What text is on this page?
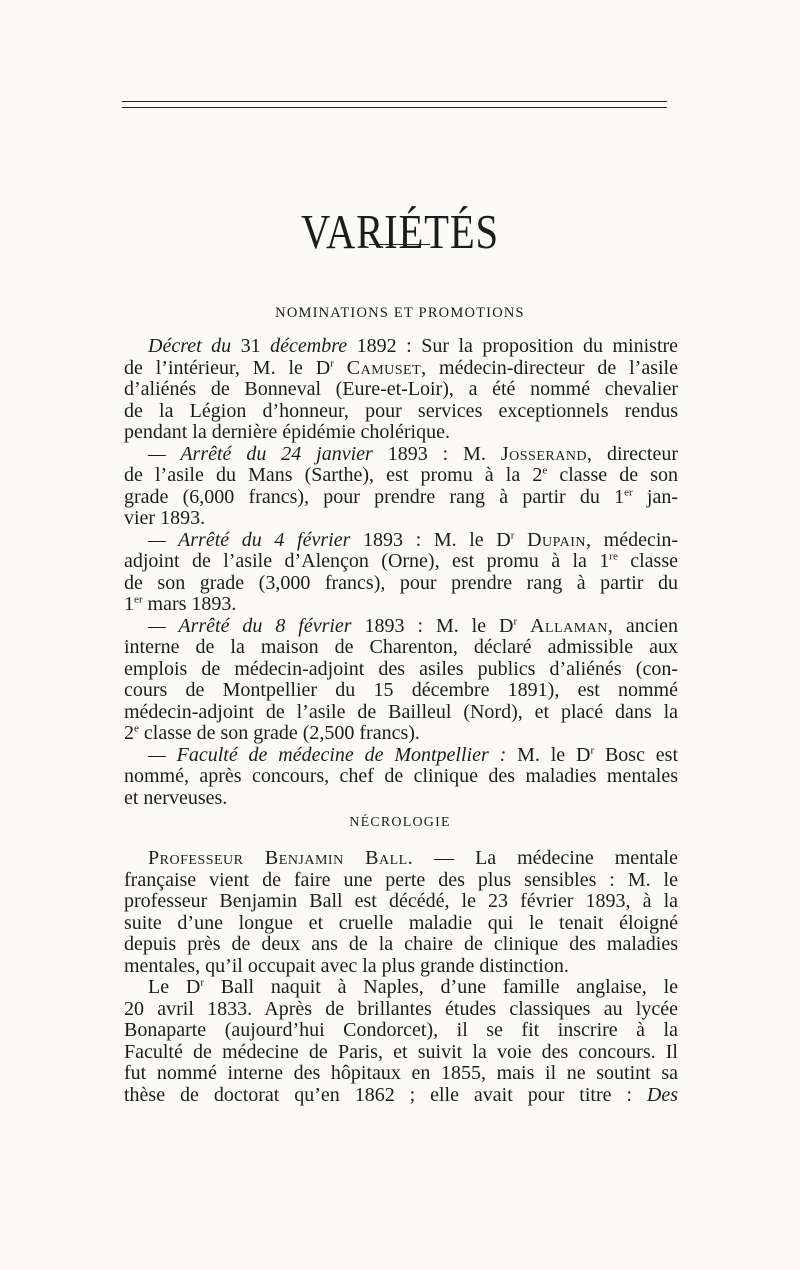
VARIÉTÉS
NOMINATIONS ET PROMOTIONS

Décret du 31 décembre 1892 : Sur la proposition du ministre
de l’intérieur, M. le $D^r$ Camuset, médecin-directeur de l’asile
d’aliénés de Bonneval (Eure-et-Loir), a été nommé chevalier
de la Légion d’honneur, pour services exceptionnels rendus

pendant la dernière épidémie cholérique.

— Arrêté du 24 janvier 1893 : M. Josserand, directeur
de l’asile du Mans (Sarthe), est promu à la 2e classe de son
grade (6,000 francs), pour prendre rang à partir du 1er jan-

vier 1893.

— Arrêté du 4 février 1893 : M. le $D^r$ Dupain, médecin-
adjoint de l’asile d’Alençon (Orne), est promu à la 1re classe
de son grade (3,000 francs), pour prendre rang à partir du

1er mars 1893.

— Arrêté du 8 février 1893 : M. le $D^r$ Allaman, ancien
interne de la maison de Charenton, déclaré admissible aux
emplois de médecin-adjoint des asiles publics d’aliénés (con-
cours de Montpellier du 15 décembre 1891), est nommé
médecin-adjoint de l’asile de Bailleul (Nord), et placé dans la

2e classe de son grade (2,500 francs).

— Faculté de médecine de Montpellier : M. le $D^r$ Bosc est
nommé, après concours, chef de clinique des maladies mentales

et nerveuses.

NÉCROLOGIE

Professeur Benjamin Ball. — La médecine mentale
française vient de faire une perte des plus sensibles : M. le
professeur Benjamin Ball est décédé, le 23 février 1893, à la
suite d’une longue et cruelle maladie qui le tenait éloigné
depuis près de deux ans de la chaire de clinique des maladies

mentales, qu’il occupait avec la plus grande distinction.

Le $D^r$ Ball naquit à Naples, d’une famille anglaise, le
20 avril 1833. Après de brillantes études classiques au lycée
Bonaparte (aujourd’hui Condorcet), il se fit inscrire à la
Faculté de médecine de Paris, et suivit la voie des concours. Il
fut nommé interne des hôpitaux en 1855, mais il ne soutint sa
thèse de doctorat qu’en 1862 ; elle avait pour titre : Des
